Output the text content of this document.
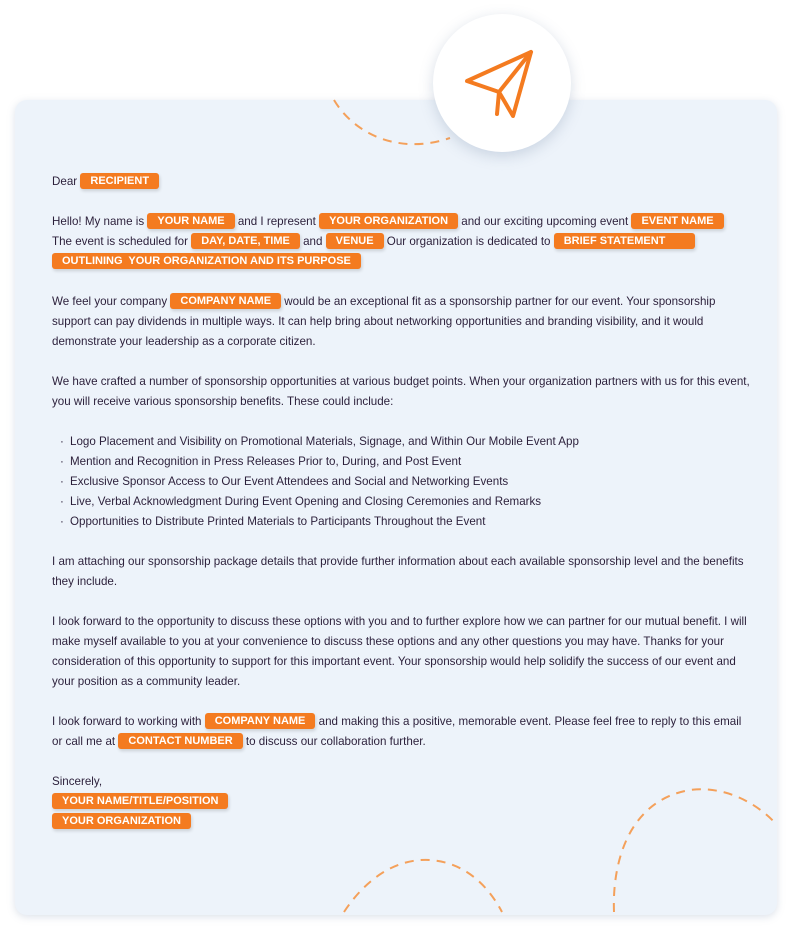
Dear RECIPIENT

Hello! My name is YOUR NAME and I represent YOUR ORGANIZATION and our exciting upcoming event EVENT NAME
The event is scheduled for DAY, DATE, TIME and VENUE Our organization is dedicated to BRIEF STATEMENT
OUTLINING  YOUR ORGANIZATION AND ITS PURPOSE

We feel your company COMPANY NAME would be an exceptional fit as a sponsorship partner for our event. Your sponsorship support can pay dividends in multiple ways. It can help bring about networking opportunities and branding visibility, and it would demonstrate your leadership as a corporate citizen.

We have crafted a number of sponsorship opportunities at various budget points. When your organization partners with us for this event, you will receive various sponsorship benefits. These could include:

· Logo Placement and Visibility on Promotional Materials, Signage, and Within Our Mobile Event App
· Mention and Recognition in Press Releases Prior to, During, and Post Event
· Exclusive Sponsor Access to Our Event Attendees and Social and Networking Events
· Live, Verbal Acknowledgment During Event Opening and Closing Ceremonies and Remarks
· Opportunities to Distribute Printed Materials to Participants Throughout the Event

I am attaching our sponsorship package details that provide further information about each available sponsorship level and the benefits they include.

I look forward to the opportunity to discuss these options with you and to further explore how we can partner for our mutual benefit. I will make myself available to you at your convenience to discuss these options and any other questions you may have. Thanks for your consideration of this opportunity to support for this important event. Your sponsorship would help solidify the success of our event and your position as a community leader.

I look forward to working with COMPANY NAME and making this a positive, memorable event. Please feel free to reply to this email or call me at CONTACT NUMBER to discuss our collaboration further.

Sincerely,
YOUR NAME/TITLE/POSITION
YOUR ORGANIZATION
